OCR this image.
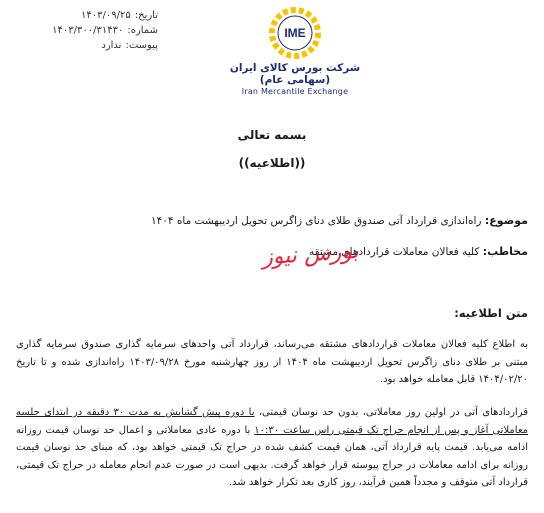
تاریخ:
۱۴۰۳/۰۹/۲۵
شماره:
۱۴۰۳/۳۰۰/۳۱۴۳۰
پیوست:
ندارد
IME
شرکت بورس کالای ایران (سهامی عام)
Iran Mercantile Exchange
بسمه تعالی
((اطلاعیه))
موضوع: راه‌اندازی قرارداد آتی صندوق طلای دنای زاگرس تحویل اردیبهشت ماه ۱۴۰۴
مخاطب: کلیه فعالان معاملات قراردادهای مشتقه
بورس نیوز
متن اطلاعیه:
به اطلاع کلیه فعالان معاملات قراردادهای مشتقه می‌رساند، قرارداد آتی واحدهای سرمایه گذاری صندوق سرمایه گذاری مبتنی بر طلای دنای زاگرس تحویل اردیبهشت ماه ۱۴۰۴ از روز چهارشنبه مورخ ۱۴۰۳/۰۹/۲۸ راه‌اندازی شده و تا تاریخ ۱۴۰۴/۰۲/۲۰ قابل معامله خواهد بود.
قراردادهای آتی در اولین روز معاملاتی، بدون حد نوسان قیمتی، با دوره پیش گشایش به مدت ۳۰ دقیقه در ابتدای جلسه معاملاتی آغاز و پس از انجام حراج تک قیمتی راس ساعت ۱۰:۳۰ با دوره عادی معاملاتی و اعمال حد نوسان قیمت روزانه ادامه می‌یابد. قیمت پایه قرارداد آتی، همان قیمت کشف شده در حراج تک قیمتی خواهد بود، که مبنای حد نوسان قیمت روزانه برای ادامه معاملات در حراج پیوسته قرار خواهد گرفت. بدیهی است در صورت عدم انجام معامله در حراج تک قیمتی، قرارداد آتی متوقف و مجدداً همین فرآیند، روز کاری بعد تکرار خواهد شد.
